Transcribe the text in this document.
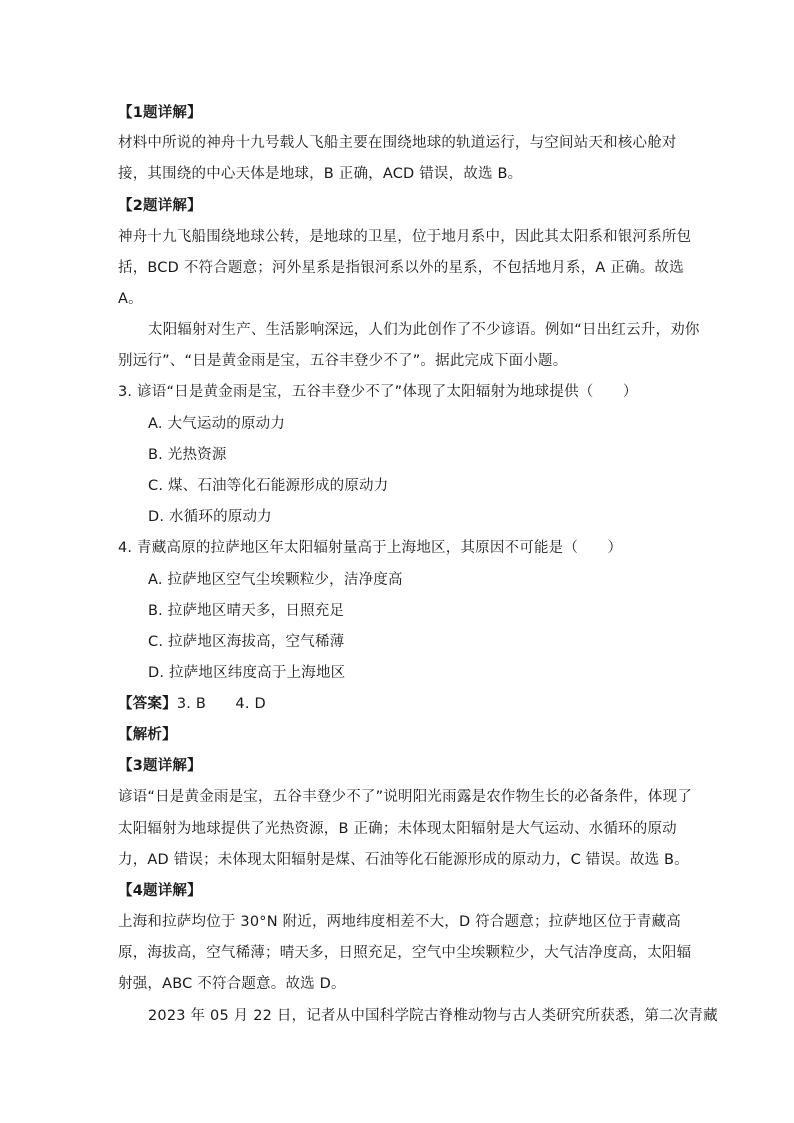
【1题详解】
材料中所说的神舟十九号载人飞船主要在围绕地球的轨道运行，与空间站天和核心舱对
接，其围绕的中心天体是地球，B 正确，ACD 错误，故选 B。
【2题详解】
神舟十九飞船围绕地球公转，是地球的卫星，位于地月系中，因此其太阳系和银河系所包
括，BCD 不符合题意；河外星系是指银河系以外的星系，不包括地月系，A 正确。故选
A。
太阳辐射对生产、生活影响深远，人们为此创作了不少谚语。例如“日出红云升，劝你
别远行”、“日是黄金雨是宝，五谷丰登少不了”。据此完成下面小题。
3. 谚语“日是黄金雨是宝，五谷丰登少不了”体现了太阳辐射为地球提供（　　）
A. 大气运动的原动力
B. 光热资源
C. 煤、石油等化石能源形成的原动力
D. 水循环的原动力
4. 青藏高原的拉萨地区年太阳辐射量高于上海地区，其原因不可能是（　　）
A. 拉萨地区空气尘埃颗粒少，洁净度高
B. 拉萨地区晴天多，日照充足
C. 拉萨地区海拔高，空气稀薄
D. 拉萨地区纬度高于上海地区
【答案】3. B　　4. D
【解析】
【3题详解】
谚语“日是黄金雨是宝，五谷丰登少不了”说明阳光雨露是农作物生长的必备条件，体现了
太阳辐射为地球提供了光热资源，B 正确；未体现太阳辐射是大气运动、水循环的原动
力，AD 错误；未体现太阳辐射是煤、石油等化石能源形成的原动力，C 错误。故选 B。
【4题详解】
上海和拉萨均位于 30°N 附近，两地纬度相差不大，D 符合题意；拉萨地区位于青藏高
原，海拔高，空气稀薄；晴天多，日照充足，空气中尘埃颗粒少，大气洁净度高，太阳辐
射强，ABC 不符合题意。故选 D。
2023 年 05 月 22 日，记者从中国科学院古脊椎动物与古人类研究所获悉，第二次青藏
